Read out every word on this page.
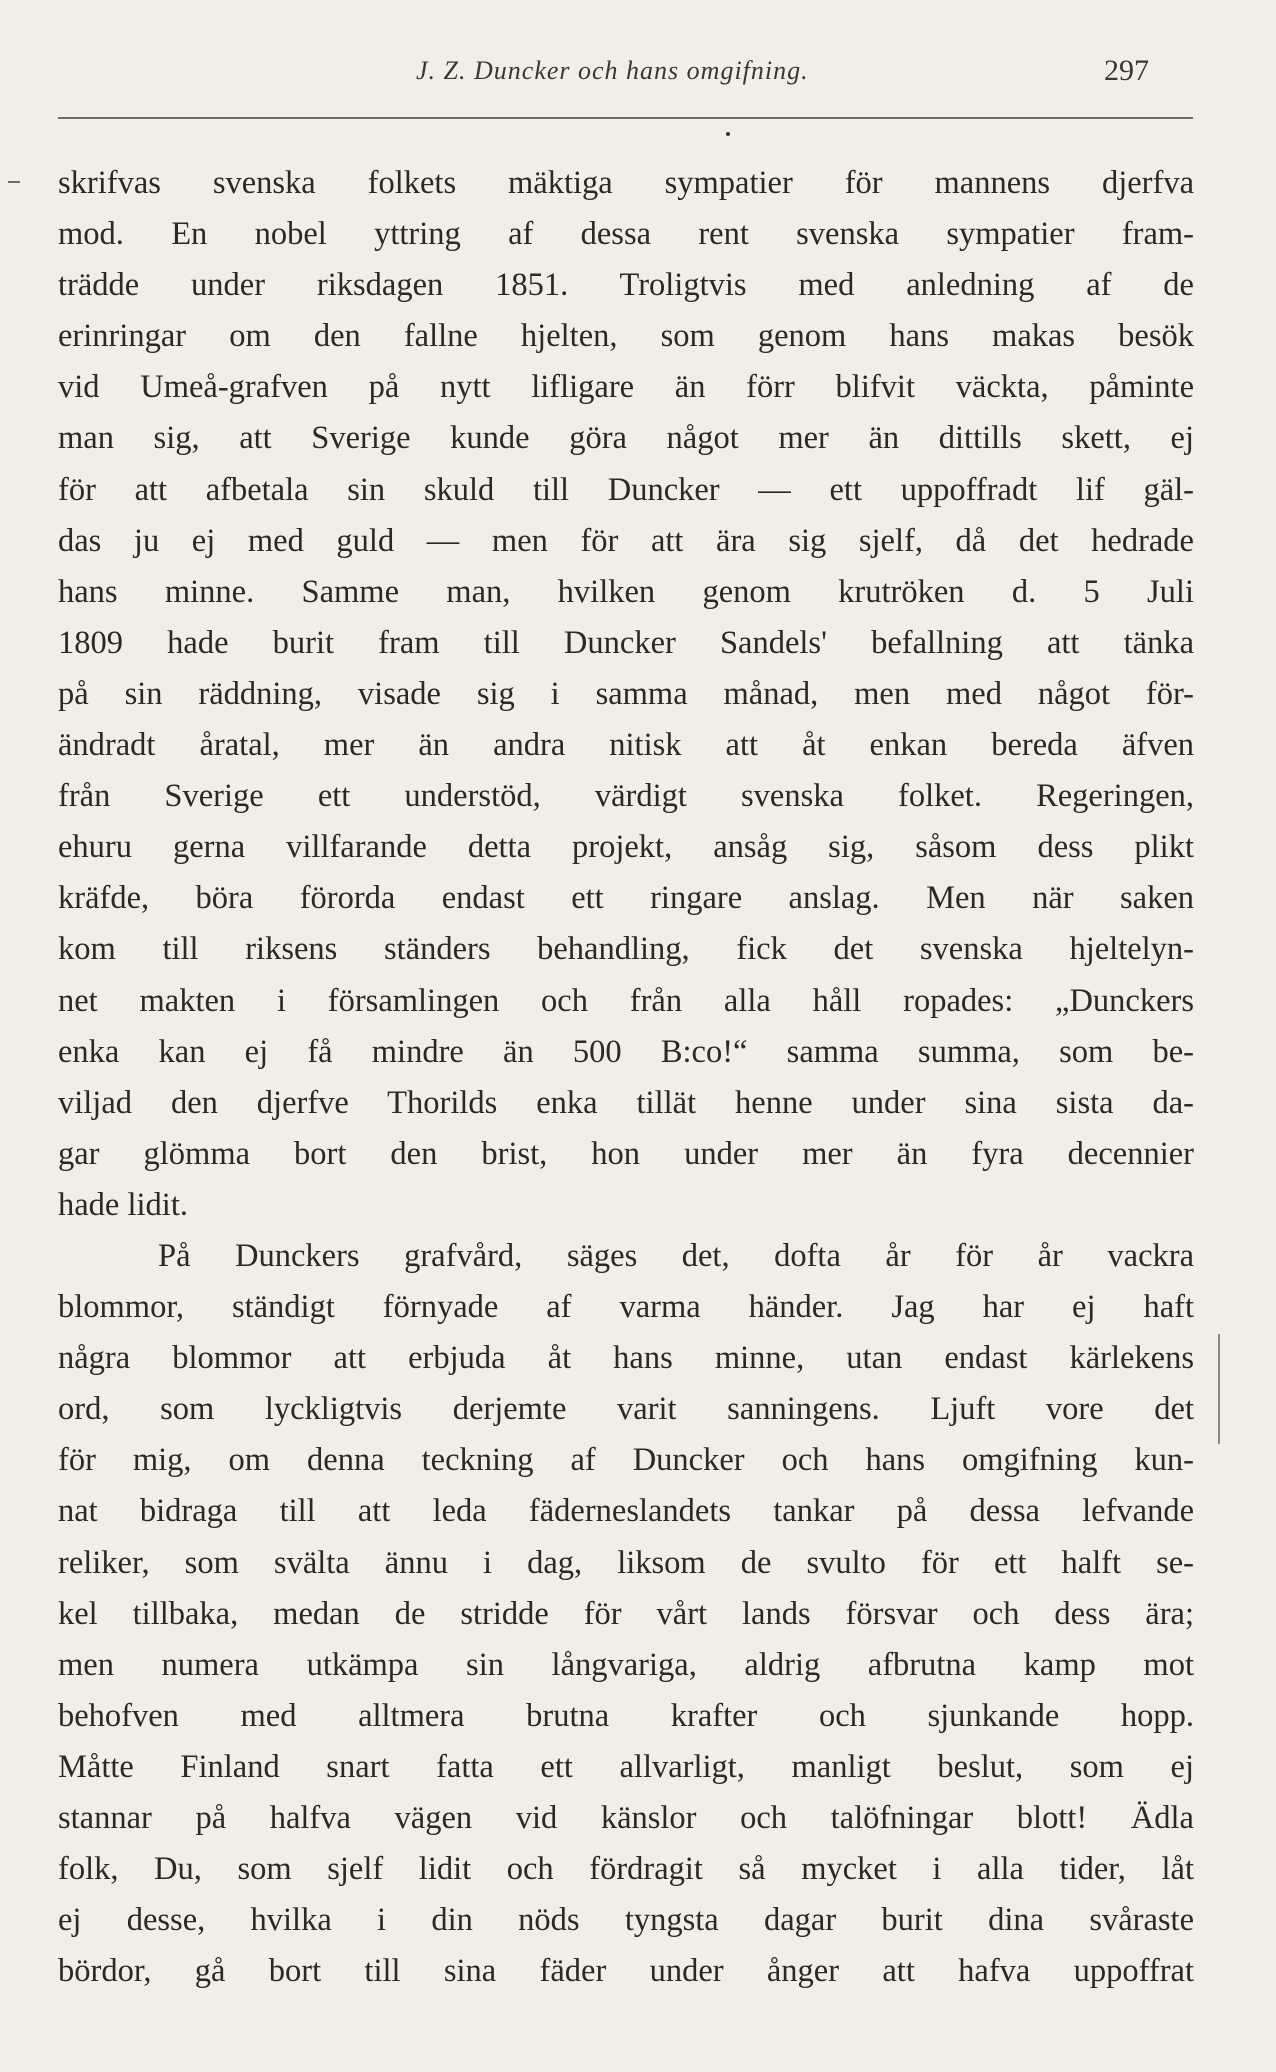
J. Z. Duncker och hans omgifning.	297
skrifvas svenska folkets mäktiga sympatier för mannens djerfva
mod. En nobel yttring af dessa rent svenska sympatier fram-
trädde under riksdagen 1851. Troligtvis med anledning af de
erinringar om den fallne hjelten, som genom hans makas besök
vid Umeå-grafven på nytt lifligare än förr blifvit väckta, påminte
man sig, att Sverige kunde göra något mer än dittills skett, ej
för att afbetala sin skuld till Duncker — ett uppoffradt lif gäl-
das ju ej med guld — men för att ära sig sjelf, då det hedrade
hans minne. Samme man, hvilken genom krutröken d. 5 Juli
1809 hade burit fram till Duncker Sandels' befallning att tänka
på sin räddning, visade sig i samma månad, men med något för-
ändradt åratal, mer än andra nitisk att åt enkan bereda äfven
från Sverige ett understöd, värdigt svenska folket. Regeringen,
ehuru gerna villfarande detta projekt, ansåg sig, såsom dess plikt
kräfde, böra förorda endast ett ringare anslag. Men när saken
kom till riksens ständers behandling, fick det svenska hjeltelyn-
net makten i församlingen och från alla håll ropades: „Dunckers
enka kan ej få mindre än 500 B:co!“ samma summa, som be-
viljad den djerfve Thorilds enka tillät henne under sina sista da-
gar glömma bort den brist, hon under mer än fyra decennier
hade lidit.
På Dunckers grafvård, säges det, dofta år för år vackra
blommor, ständigt förnyade af varma händer. Jag har ej haft
några blommor att erbjuda åt hans minne, utan endast kärlekens
ord, som lyckligtvis derjemte varit sanningens. Ljuft vore det
för mig, om denna teckning af Duncker och hans omgifning kun-
nat bidraga till att leda fäderneslandets tankar på dessa lefvande
reliker, som svälta ännu i dag, liksom de svulto för ett halft se-
kel tillbaka, medan de stridde för vårt lands försvar och dess ära;
men numera utkämpa sin långvariga, aldrig afbrutna kamp mot
behofven med alltmera brutna krafter och sjunkande hopp.
Måtte Finland snart fatta ett allvarligt, manligt beslut, som ej
stannar på halfva vägen vid känslor och talöfningar blott! Ädla
folk, Du, som sjelf lidit och fördragit så mycket i alla tider, låt
ej desse, hvilka i din nöds tyngsta dagar burit dina svåraste
bördor, gå bort till sina fäder under ånger att hafva uppoffrat
